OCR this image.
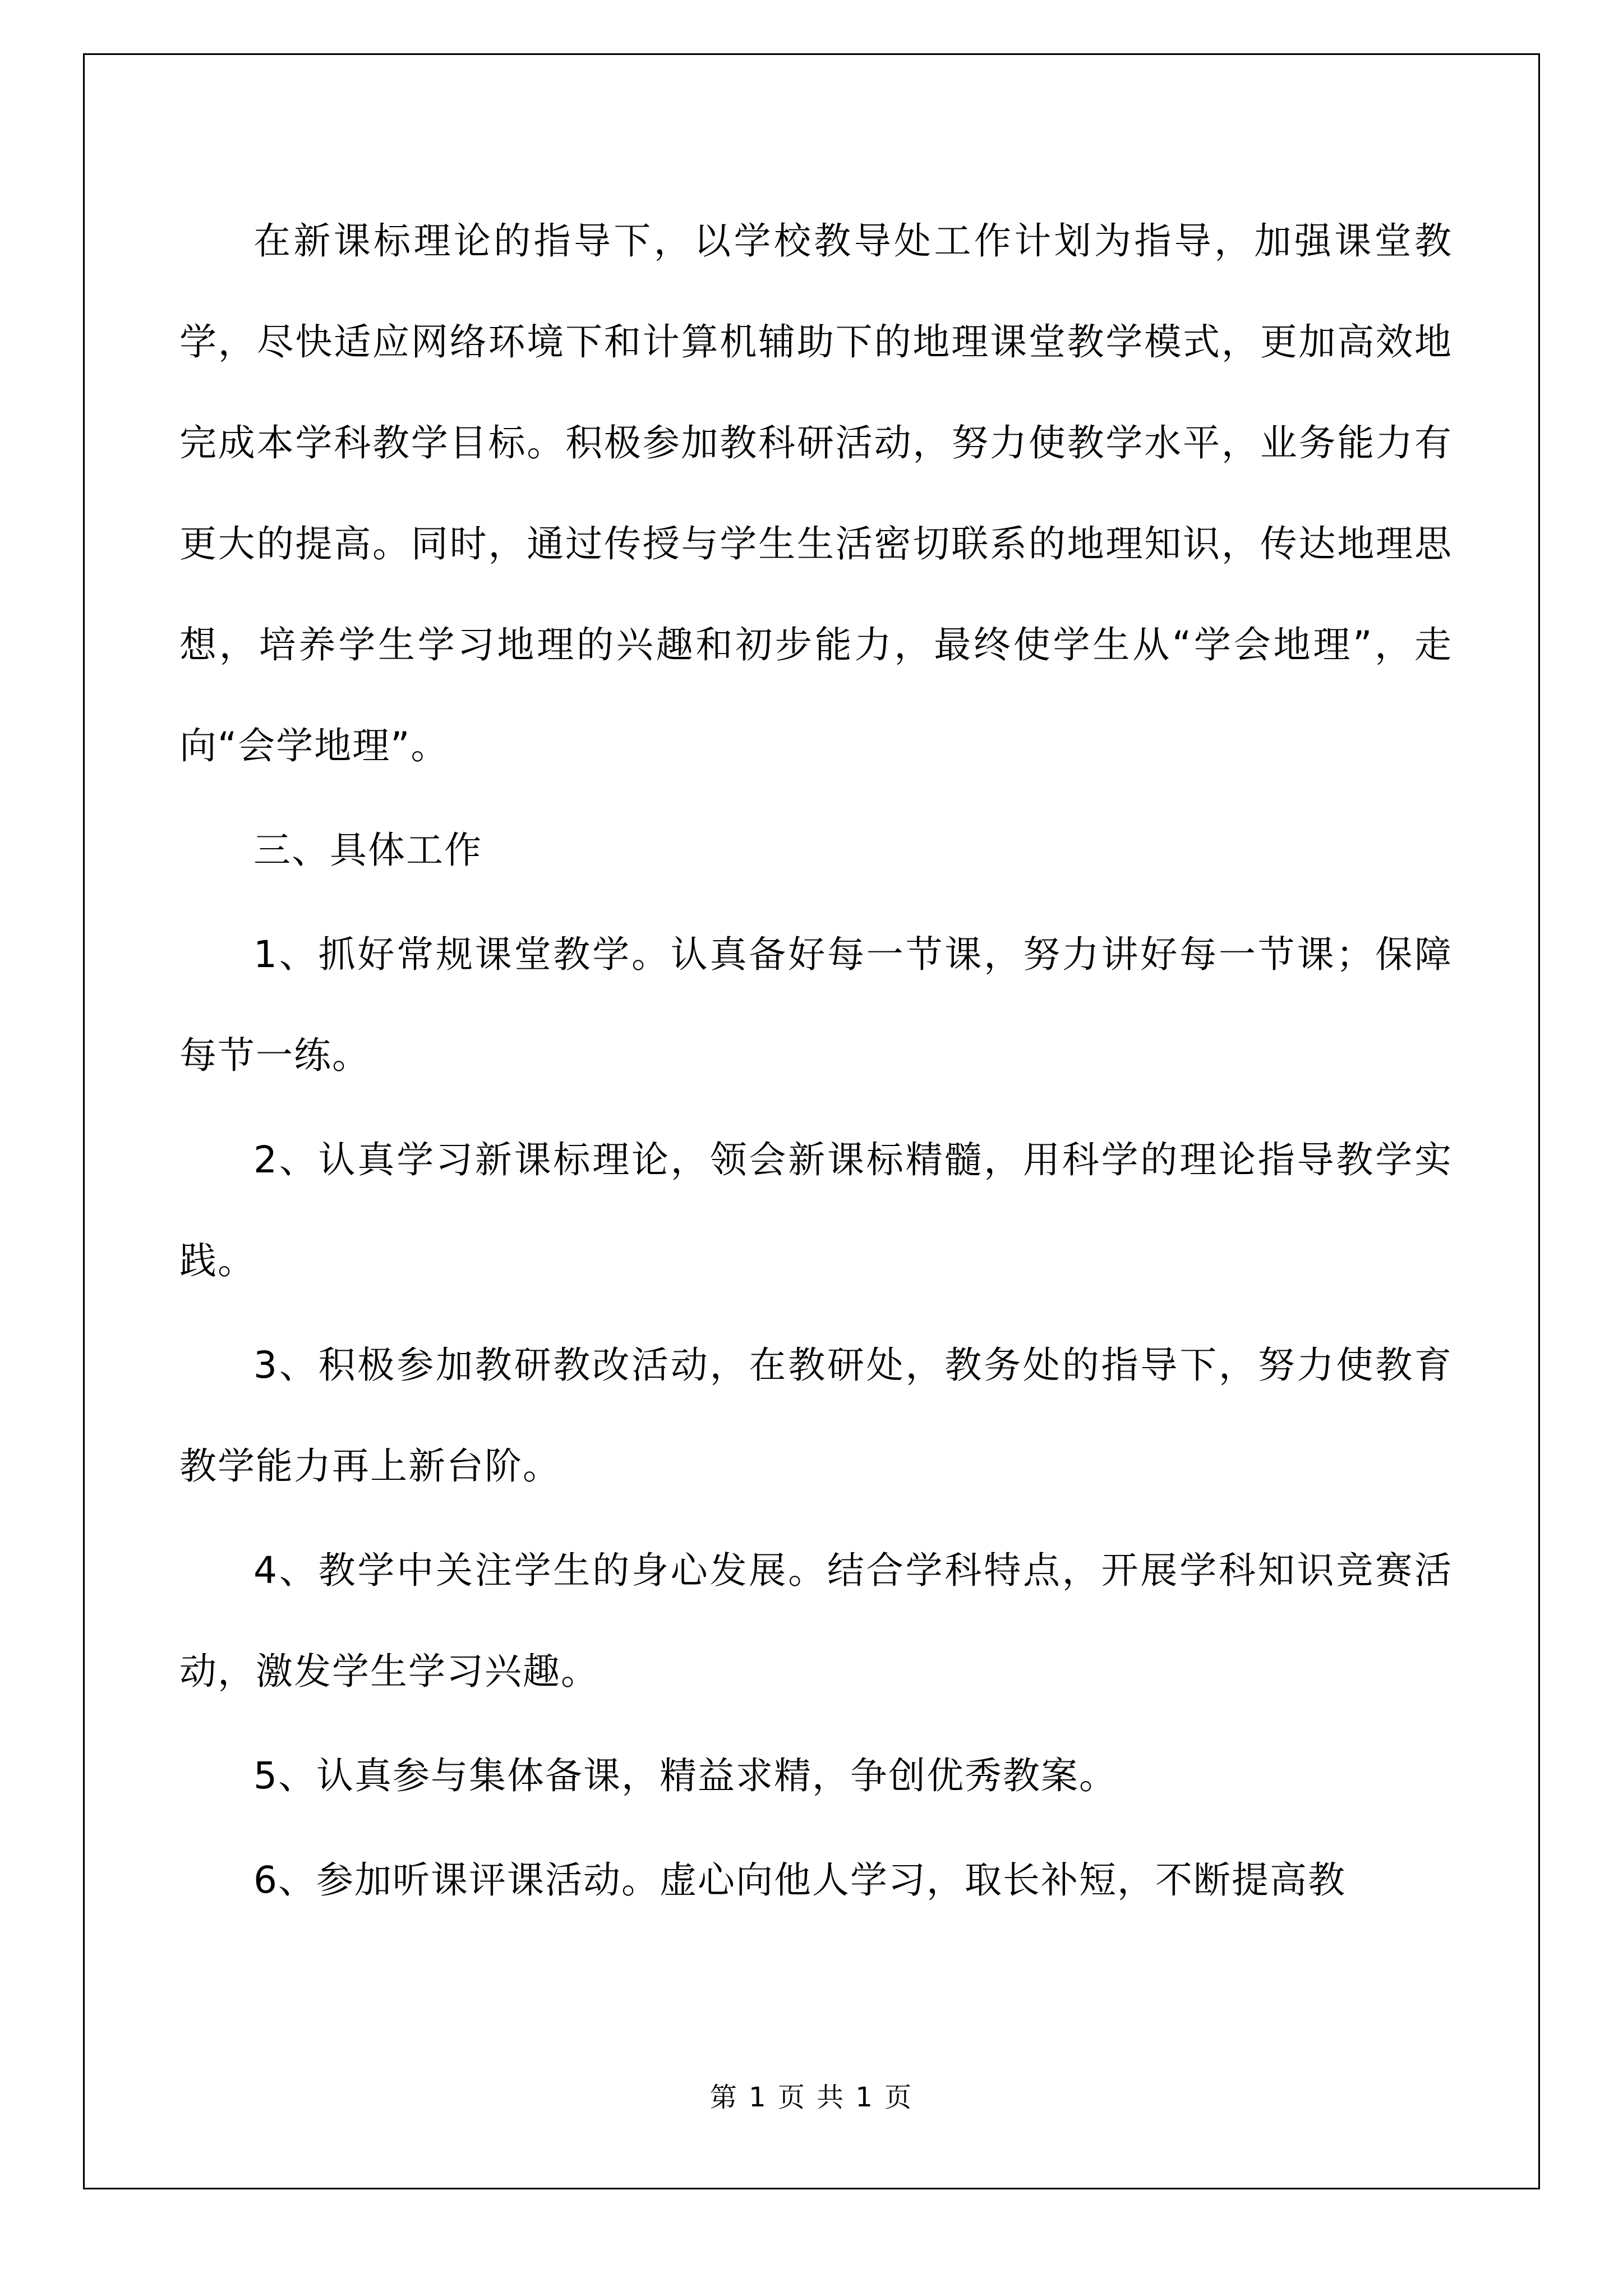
在新课标理论的指导下，以学校教导处工作计划为指导，加强课堂教学，尽快适应网络环境下和计算机辅助下的地理课堂教学模式，更加高效地完成本学科教学目标。积极参加教科研活动，努力使教学水平，业务能力有更大的提高。同时，通过传授与学生生活密切联系的地理知识，传达地理思想，培养学生学习地理的兴趣和初步能力，最终使学生从“学会地理”，走向“会学地理”。

三、具体工作

1、抓好常规课堂教学。认真备好每一节课，努力讲好每一节课；保障每节一练。

2、认真学习新课标理论，领会新课标精髓，用科学的理论指导教学实践。

3、积极参加教研教改活动，在教研处，教务处的指导下，努力使教育教学能力再上新台阶。

4、教学中关注学生的身心发展。结合学科特点，开展学科知识竞赛活动，激发学生学习兴趣。

5、认真参与集体备课，精益求精，争创优秀教案。

6、参加听课评课活动。虚心向他人学习，取长补短，不断提高教

第 1 页 共 1 页
